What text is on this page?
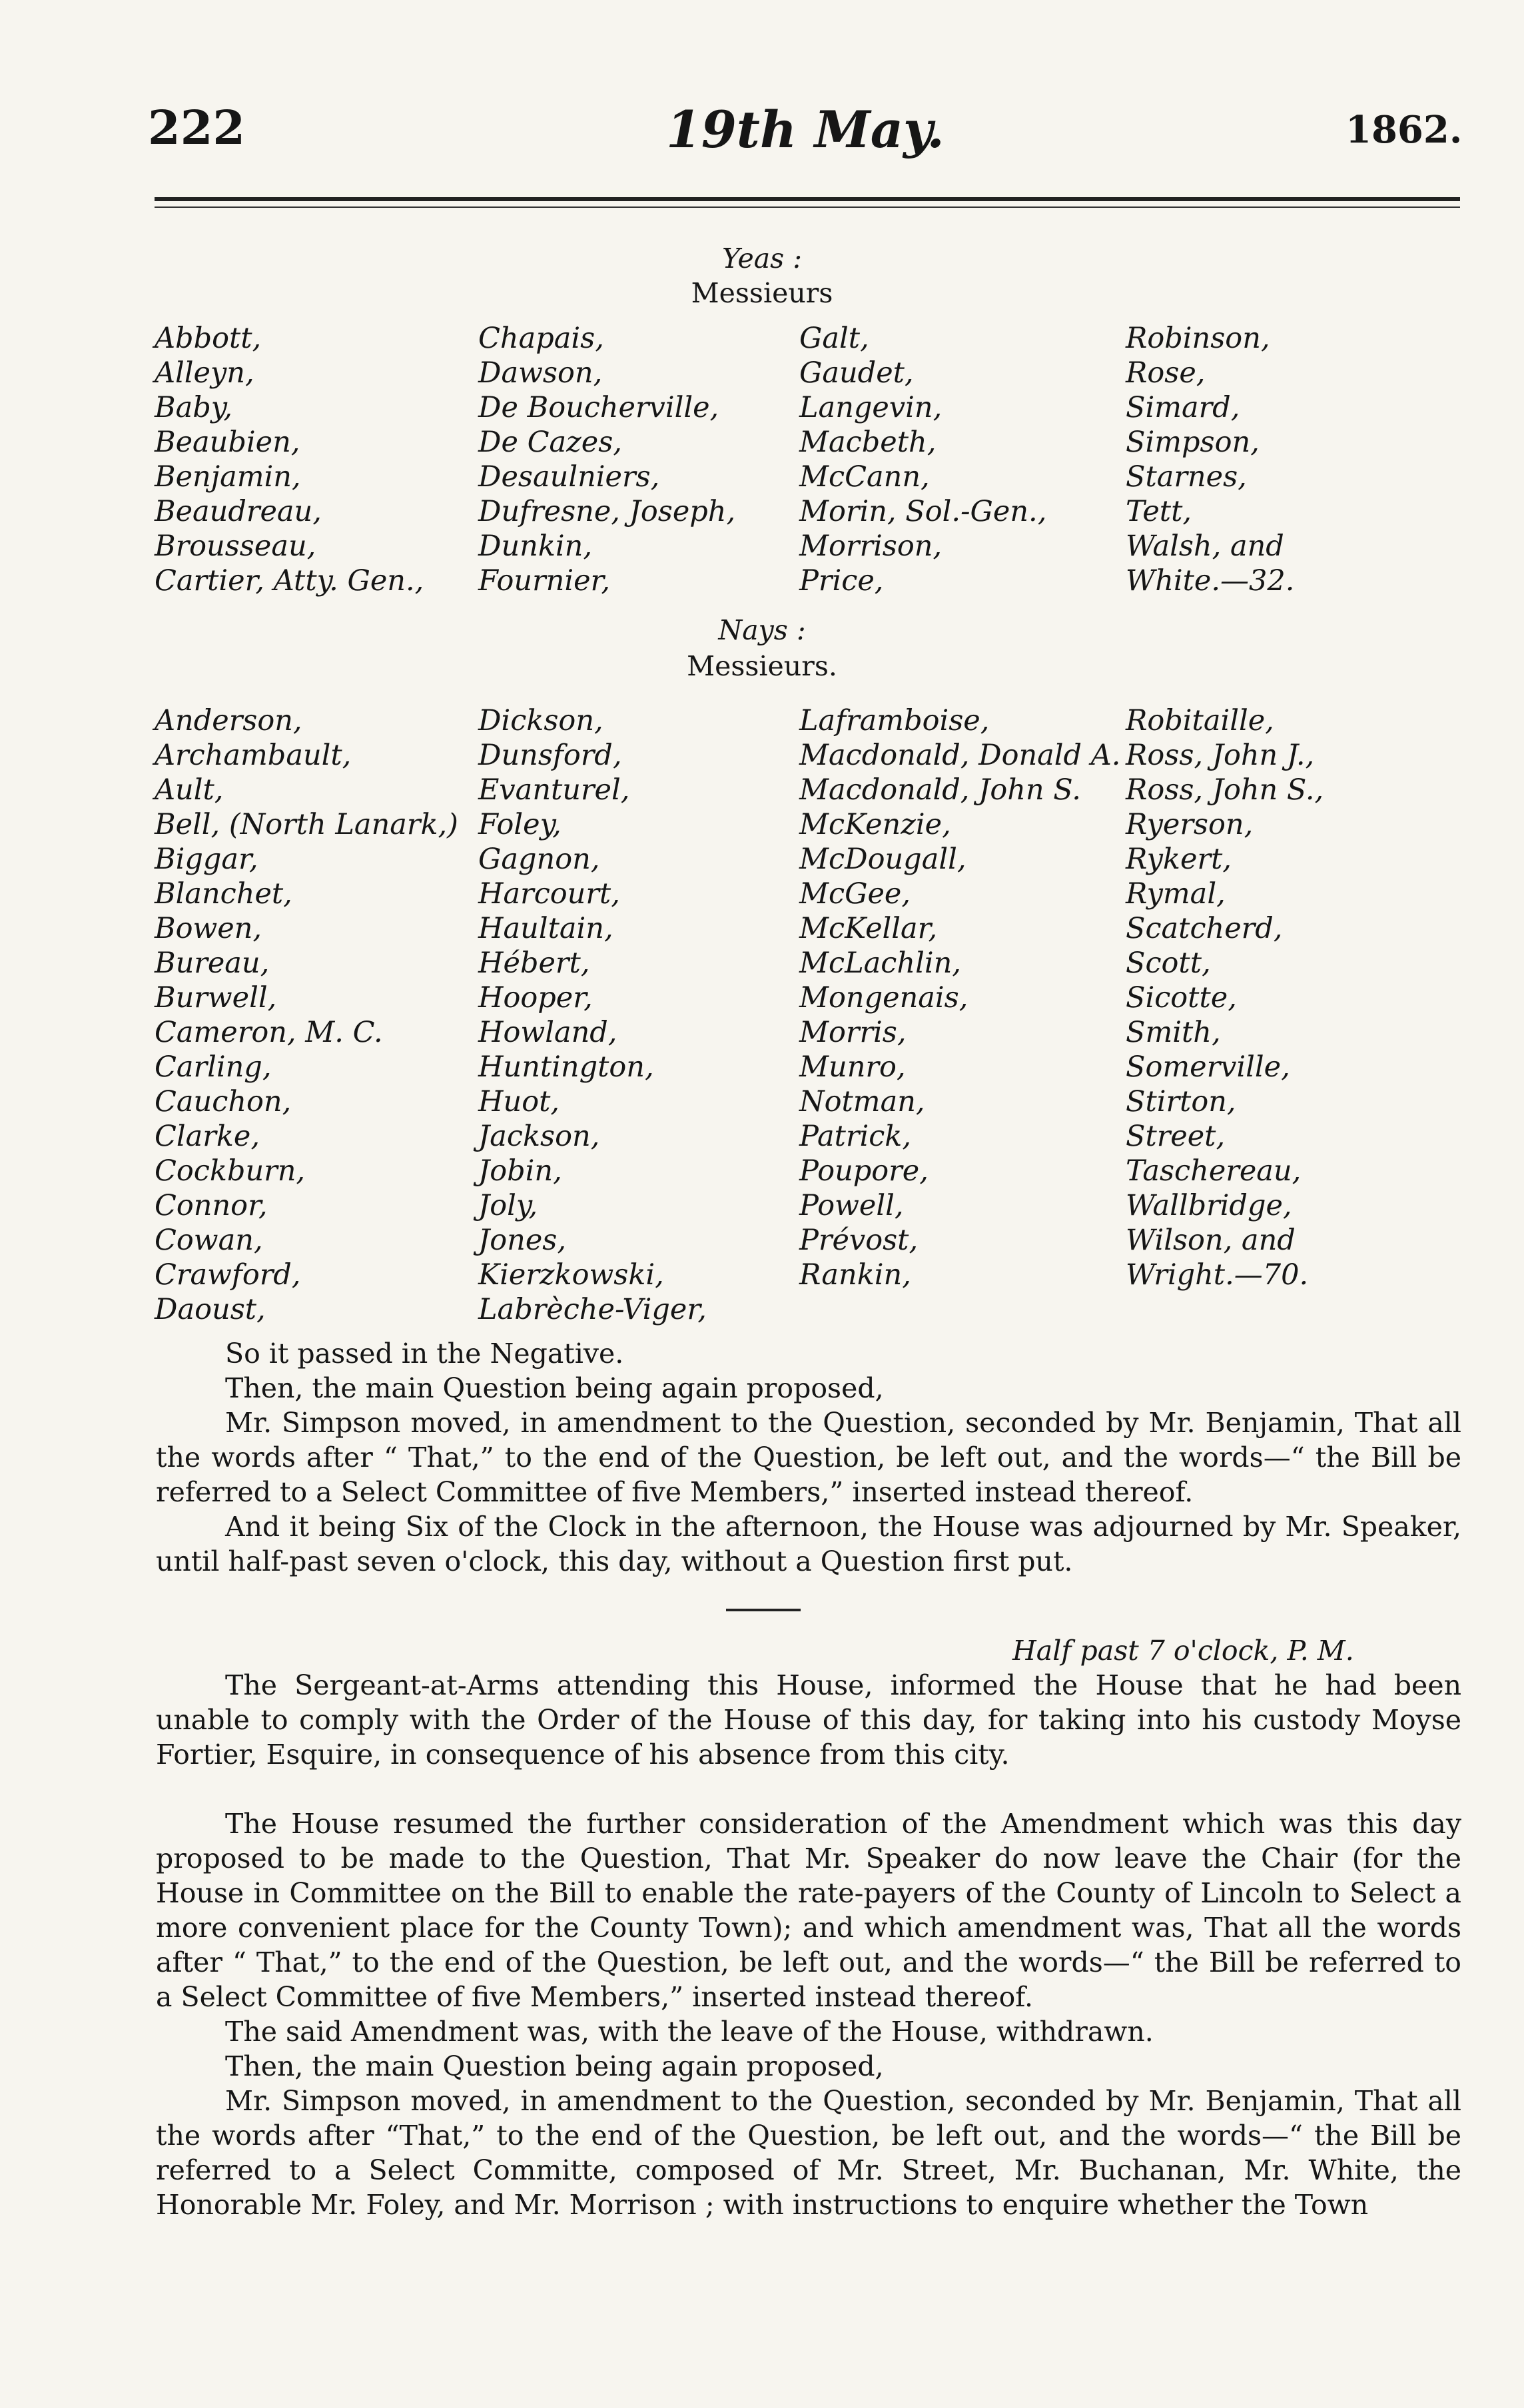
222	19th May.	1862.
Yeas :
Messieurs
Abbott,
Alleyn,
Baby,
Beaubien,
Benjamin,
Beaudreau,
Brousseau,
Cartier, Atty. Gen.,
Chapais,
Dawson,
De Boucherville,
De Cazes,
Desaulniers,
Dufresne, Joseph,
Dunkin,
Fournier,
Galt,
Gaudet,
Langevin,
Macbeth,
McCann,
Morin, Sol.-Gen.,
Morrison,
Price,
Robinson,
Rose,
Simard,
Simpson,
Starnes,
Tett,
Walsh, and
White.—32.
Nays :
Messieurs.
Anderson,
Archambault,
Ault,
Bell, (North Lanark,)
Biggar,
Blanchet,
Bowen,
Bureau,
Burwell,
Cameron, M. C.
Carling,
Cauchon,
Clarke,
Cockburn,
Connor,
Cowan,
Crawford,
Daoust,
Dickson,
Dunsford,
Evanturel,
Foley,
Gagnon,
Harcourt,
Haultain,
Hébert,
Hooper,
Howland,
Huntington,
Huot,
Jackson,
Jobin,
Joly,
Jones,
Kierzkowski,
Labrèche-Viger,
Laframboise,
Macdonald, Donald A.
Macdonald, John S.
McKenzie,
McDougall,
McGee,
McKellar,
McLachlin,
Mongenais,
Morris,
Munro,
Notman,
Patrick,
Poupore,
Powell,
Prévost,
Rankin,
Robitaille,
Ross, John J.,
Ross, John S.,
Ryerson,
Rykert,
Rymal,
Scatcherd,
Scott,
Sicotte,
Smith,
Somerville,
Stirton,
Street,
Taschereau,
Wallbridge,
Wilson, and
Wright.—70.

So it passed in the Negative.

Then, the main Question being again proposed,

Mr. Simpson moved, in amendment to the Question, seconded by Mr. Benjamin, That all the words after “ That,” to the end of the Question, be left out, and the words—“ the Bill be referred to a Select Committee of five Members,” inserted instead thereof.

And it being Six of the Clock in the afternoon, the House was adjourned by Mr. Speaker, until half-past seven o'clock, this day, without a Question first put.

Half past 7 o'clock, P. M.

The Sergeant-at-Arms attending this House, informed the House that he had been unable to comply with the Order of the House of this day, for taking into his custody Moyse Fortier, Esquire, in consequence of his absence from this city.

The House resumed the further consideration of the Amendment which was this day proposed to be made to the Question, That Mr. Speaker do now leave the Chair (for the House in Committee on the Bill to enable the rate-payers of the County of Lincoln to Select a more convenient place for the County Town); and which amendment was, That all the words after “ That,” to the end of the Question, be left out, and the words—“ the Bill be referred to a Select Committee of five Members,” inserted instead thereof.

The said Amendment was, with the leave of the House, withdrawn.

Then, the main Question being again proposed,

Mr. Simpson moved, in amendment to the Question, seconded by Mr. Benjamin, That all the words after “That,” to the end of the Question, be left out, and the words—“ the Bill be referred to a Select Committe, composed of Mr. Street, Mr. Buchanan, Mr. White, the Honorable Mr. Foley, and Mr. Morrison ; with instructions to enquire whether the Town
